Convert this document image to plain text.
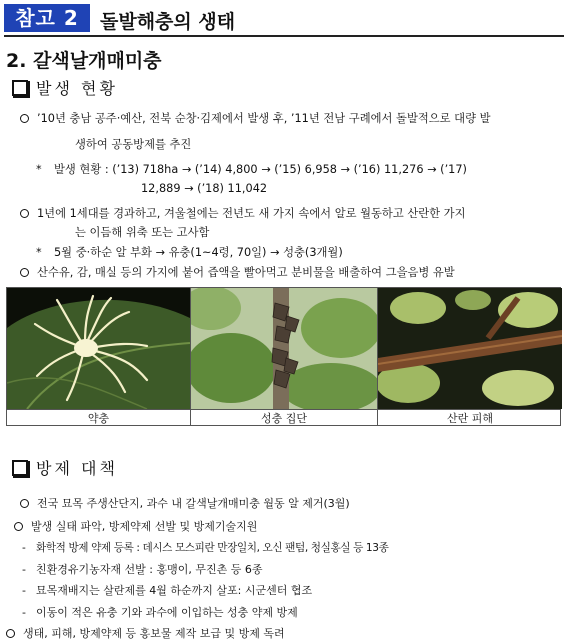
참고 2	돌발해충의 생태
2. 갈색날개매미충
발생 현황
’10년 충남 공주·예산, 전북 순창·김제에서 발생 후, ’11년 전남 구례에서 돌발적으로 대량 발
생하여 공동방제를 추진
* 발생 현황 : (’13) 718ha → (’14) 4,800 → (’15) 6,958 → (’16) 11,276 → (’17)
12,889 → (’18) 11,042
1년에 1세대를 경과하고, 겨울철에는 전년도 새 가지 속에서 알로 월동하고 산란한 가지
는 이듬해 위축 또는 고사함
* 5월 중·하순 알 부화 → 유충(1~4령, 70일) → 성충(3개월)
산수유, 감, 매실 등의 가지에 붙어 즙액을 빨아먹고 분비물을 배출하여 그을음병 유발
약충	성충 집단	산란 피해
방제 대책
전국 묘목 주생산단지, 과수 내 갈색날개매미충 월동 알 제거(3월)
발생 실태 파악, 방제약제 선발 및 방제기술지원
- 화학적 방제 약제 등록 : 데시스 모스피란 만장일치, 오신 팬텀, 청실홍실 등 13종
- 친환경유기농자재 선발 : 홍맹이, 무진촌 등 6종
- 묘목재배지는 살란제를 4월 하순까지 살포: 시군센터 협조
- 이동이 적은 유충 기와 과수에 이입하는 성충 약제 방제
생태, 피해, 방제약제 등 홍보물 제작 보급 및 방제 독려
